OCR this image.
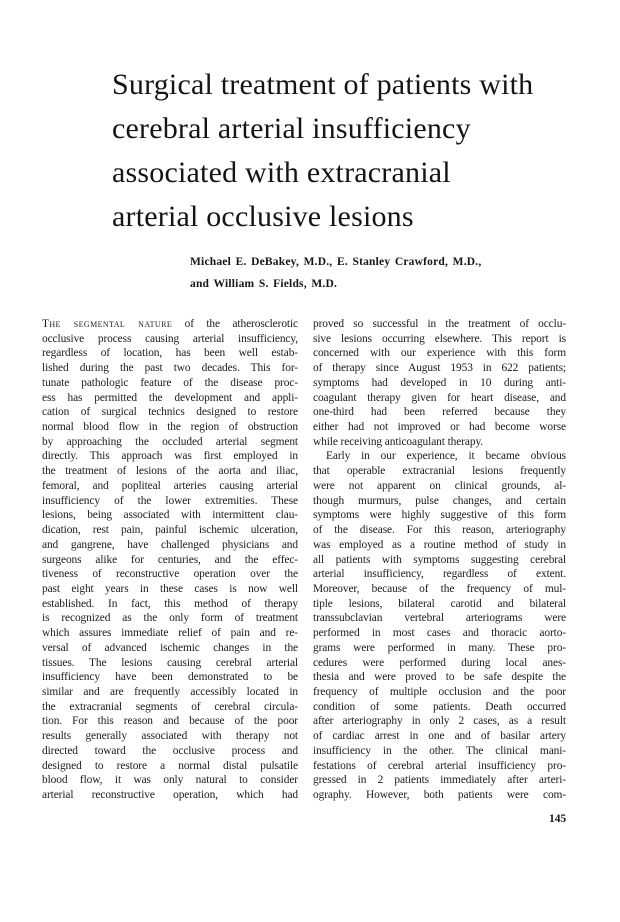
Surgical treatment of patients with
cerebral arterial insufficiency
associated with extracranial
arterial occlusive lesions
Michael E. DeBakey, M.D., E. Stanley Crawford, M.D.,
and William S. Fields, M.D.
The segmental nature of the atherosclerotic
occlusive process causing arterial insufficiency,
regardless of location, has been well estab-
lished during the past two decades. This for-
tunate pathologic feature of the disease proc-
ess has permitted the development and appli-
cation of surgical technics designed to restore
normal blood flow in the region of obstruction
by approaching the occluded arterial segment
directly. This approach was first employed in
the treatment of lesions of the aorta and iliac,
femoral, and popliteal arteries causing arterial
insufficiency of the lower extremities. These
lesions, being associated with intermittent clau-
dication, rest pain, painful ischemic ulceration,
and gangrene, have challenged physicians and
surgeons alike for centuries, and the effec-
tiveness of reconstructive operation over the
past eight years in these cases is now well
established. In fact, this method of therapy
is recognized as the only form of treatment
which assures immediate relief of pain and re-
versal of advanced ischemic changes in the
tissues. The lesions causing cerebral arterial
insufficiency have been demonstrated to be
similar and are frequently accessibly located in
the extracranial segments of cerebral circula-
tion. For this reason and because of the poor
results generally associated with therapy not
directed toward the occlusive process and
designed to restore a normal distal pulsatile
blood flow, it was only natural to consider
arterial reconstructive operation, which had
proved so successful in the treatment of occlu-
sive lesions occurring elsewhere. This report is
concerned with our experience with this form
of therapy since August 1953 in 622 patients;
symptoms had developed in 10 during anti-
coagulant therapy given for heart disease, and
one-third had been referred because they
either had not improved or had become worse
while receiving anticoagulant therapy.
Early in our experience, it became obvious
that operable extracranial lesions frequently
were not apparent on clinical grounds, al-
though murmurs, pulse changes, and certain
symptoms were highly suggestive of this form
of the disease. For this reason, arteriography
was employed as a routine method of study in
all patients with symptoms suggesting cerebral
arterial insufficiency, regardless of extent.
Moreover, because of the frequency of mul-
tiple lesions, bilateral carotid and bilateral
transsubclavian vertebral arteriograms were
performed in most cases and thoracic aorto-
grams were performed in many. These pro-
cedures were performed during local anes-
thesia and were proved to be safe despite the
frequency of multiple occlusion and the poor
condition of some patients. Death occurred
after arteriography in only 2 cases, as a result
of cardiac arrest in one and of basilar artery
insufficiency in the other. The clinical mani-
festations of cerebral arterial insufficiency pro-
gressed in 2 patients immediately after arteri-
ography. However, both patients were com-
145
